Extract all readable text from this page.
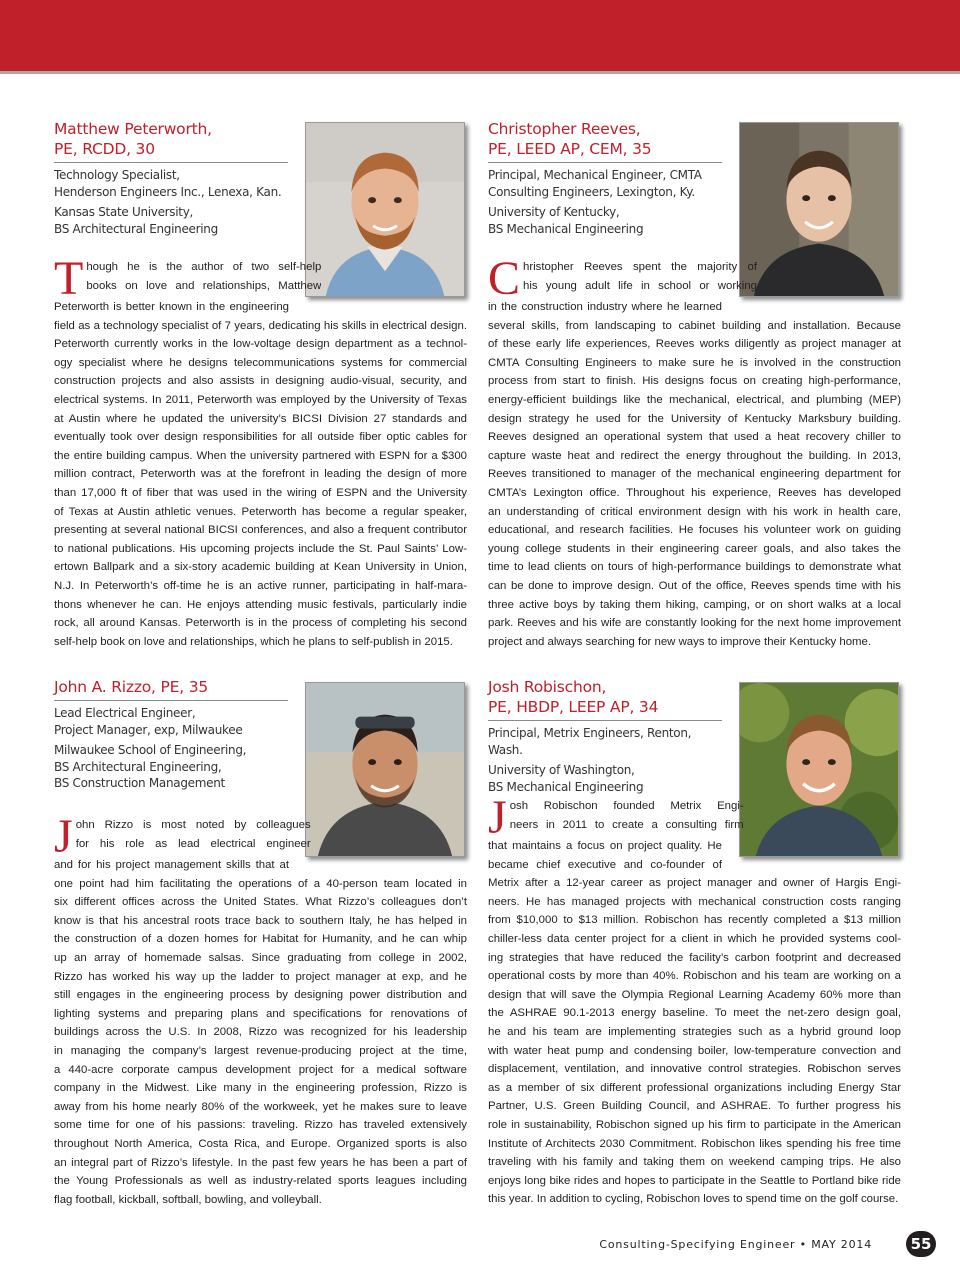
Matthew Peterworth,
PE, RCDD, 30
Technology Specialist,
Henderson Engineers Inc., Lenexa, Kan.
Kansas State University,
BS Architectural Engineering
T hough he is the author of two self-help
books on love and relationships, Matthew
Peterworth is better known in the engineering
field as a technology specialist of 7 years, dedicating his skills in electrical design.
Peterworth currently works in the low-voltage design department as a technol-
ogy specialist where he designs telecommunications systems for commercial
construction projects and also assists in designing audio-visual, security, and
electrical systems. In 2011, Peterworth was employed by the University of Texas
at Austin where he updated the university’s BICSI Division 27 standards and
eventually took over design responsibilities for all outside fiber optic cables for
the entire building campus. When the university partnered with ESPN for a $300
million contract, Peterworth was at the forefront in leading the design of more
than 17,000 ft of fiber that was used in the wiring of ESPN and the University
of Texas at Austin athletic venues. Peterworth has become a regular speaker,
presenting at several national BICSI conferences, and also a frequent contributor
to national publications. His upcoming projects include the St. Paul Saints’ Low-
ertown Ballpark and a six-story academic building at Kean University in Union,
N.J. In Peterworth’s off-time he is an active runner, participating in half-mara-
thons whenever he can. He enjoys attending music festivals, particularly indie
rock, all around Kansas. Peterworth is in the process of completing his second
self-help book on love and relationships, which he plans to self-publish in 2015.
Christopher Reeves,
PE, LEED AP, CEM, 35
Principal, Mechanical Engineer, CMTA
Consulting Engineers, Lexington, Ky.
University of Kentucky,
BS Mechanical Engineering
C hristopher Reeves spent the majority of
his young adult life in school or working
in the construction industry where he learned
several skills, from landscaping to cabinet building and installation. Because
of these early life experiences, Reeves works diligently as project manager at
CMTA Consulting Engineers to make sure he is involved in the construction
process from start to finish. His designs focus on creating high-performance,
energy-efficient buildings like the mechanical, electrical, and plumbing (MEP)
design strategy he used for the University of Kentucky Marksbury building.
Reeves designed an operational system that used a heat recovery chiller to
capture waste heat and redirect the energy throughout the building. In 2013,
Reeves transitioned to manager of the mechanical engineering department for
CMTA’s Lexington office. Throughout his experience, Reeves has developed
an understanding of critical environment design with his work in health care,
educational, and research facilities. He focuses his volunteer work on guiding
young college students in their engineering career goals, and also takes the
time to lead clients on tours of high-performance buildings to demonstrate what
can be done to improve design. Out of the office, Reeves spends time with his
three active boys by taking them hiking, camping, or on short walks at a local
park. Reeves and his wife are constantly looking for the next home improvement
project and always searching for new ways to improve their Kentucky home.
John A. Rizzo, PE, 35
Lead Electrical Engineer,
Project Manager, exp, Milwaukee
Milwaukee School of Engineering,
BS Architectural Engineering,
BS Construction Management
J ohn Rizzo is most noted by colleagues
for his role as lead electrical engineer
and for his project management skills that at
one point had him facilitating the operations of a 40-person team located in
six different offices across the United States. What Rizzo’s colleagues don’t
know is that his ancestral roots trace back to southern Italy, he has helped in
the construction of a dozen homes for Habitat for Humanity, and he can whip
up an array of homemade salsas. Since graduating from college in 2002,
Rizzo has worked his way up the ladder to project manager at exp, and he
still engages in the engineering process by designing power distribution and
lighting systems and preparing plans and specifications for renovations of
buildings across the U.S. In 2008, Rizzo was recognized for his leadership
in managing the company’s largest revenue-producing project at the time,
a 440-acre corporate campus development project for a medical software
company in the Midwest. Like many in the engineering profession, Rizzo is
away from his home nearly 80% of the workweek, yet he makes sure to leave
some time for one of his passions: traveling. Rizzo has traveled extensively
throughout North America, Costa Rica, and Europe. Organized sports is also
an integral part of Rizzo’s lifestyle. In the past few years he has been a part of
the Young Professionals as well as industry-related sports leagues including
flag football, kickball, softball, bowling, and volleyball.
Josh Robischon,
PE, HBDP, LEEP AP, 34
Principal, Metrix Engineers, Renton, Wash.
University of Washington,
BS Mechanical Engineering
J osh Robischon founded Metrix Engi-
neers in 2011 to create a consulting firm
that maintains a focus on project quality. He
became chief executive and co-founder of
Metrix after a 12-year career as project manager and owner of Hargis Engi-
neers. He has managed projects with mechanical construction costs ranging
from $10,000 to $13 million. Robischon has recently completed a $13 million
chiller-less data center project for a client in which he provided systems cool-
ing strategies that have reduced the facility’s carbon footprint and decreased
operational costs by more than 40%. Robischon and his team are working on a
design that will save the Olympia Regional Learning Academy 60% more than
the ASHRAE 90.1-2013 energy baseline. To meet the net-zero design goal,
he and his team are implementing strategies such as a hybrid ground loop
with water heat pump and condensing boiler, low-temperature convection and
displacement, ventilation, and innovative control strategies. Robischon serves
as a member of six different professional organizations including Energy Star
Partner, U.S. Green Building Council, and ASHRAE. To further progress his
role in sustainability, Robischon signed up his firm to participate in the American
Institute of Architects 2030 Commitment. Robischon likes spending his free time
traveling with his family and taking them on weekend camping trips. He also
enjoys long bike rides and hopes to participate in the Seattle to Portland bike ride
this year. In addition to cycling, Robischon loves to spend time on the golf course.
Consulting-Specifying Engineer • MAY 2014	55
